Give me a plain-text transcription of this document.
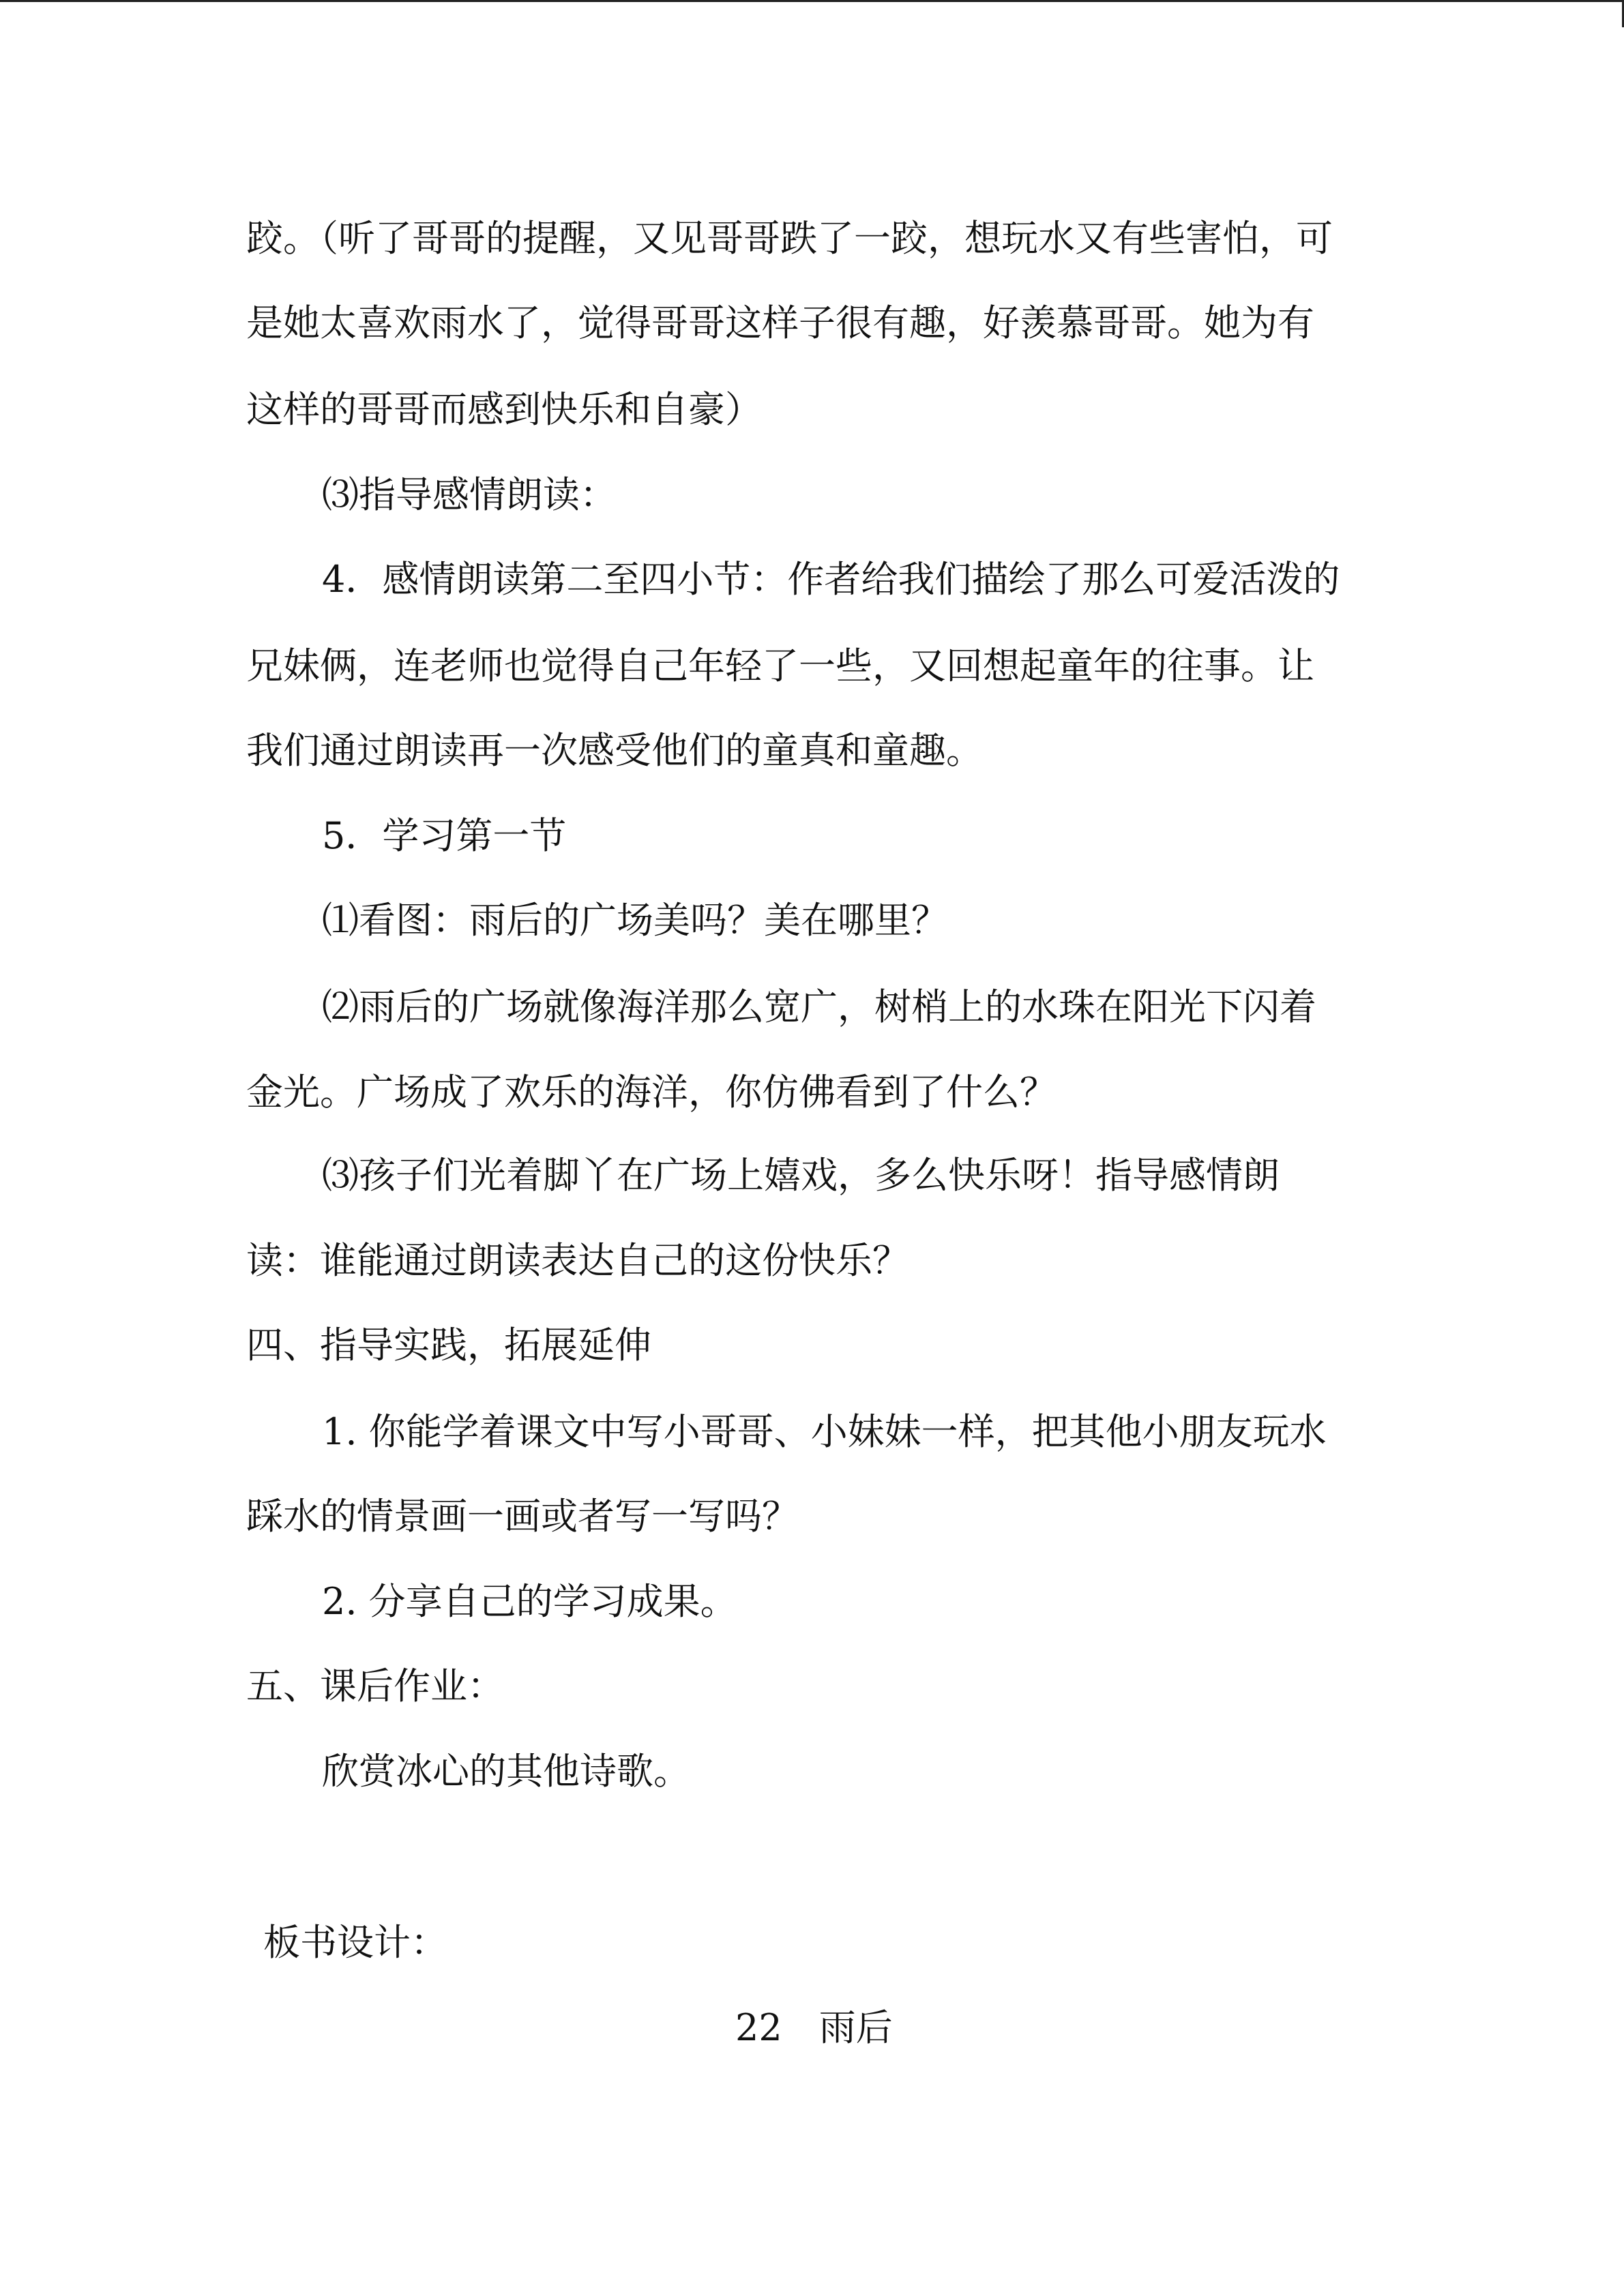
跤。（听了哥哥的提醒，又见哥哥跌了一跤，想玩水又有些害怕，可
是她太喜欢雨水了，觉得哥哥这样子很有趣，好羡慕哥哥。她为有
这样的哥哥而感到快乐和自豪）
⑶指导感情朗读：
4．感情朗读第二至四小节：作者给我们描绘了那么可爱活泼的
兄妹俩，连老师也觉得自己年轻了一些，又回想起童年的往事。让
我们通过朗读再一次感受他们的童真和童趣。
5．学习第一节
⑴看图：雨后的广场美吗？美在哪里？
⑵雨后的广场就像海洋那么宽广，树梢上的水珠在阳光下闪着
金光。广场成了欢乐的海洋，你仿佛看到了什么？
⑶孩子们光着脚丫在广场上嬉戏，多么快乐呀！指导感情朗
读：谁能通过朗读表达自己的这份快乐？
四、指导实践，拓展延伸
1. 你能学着课文中写小哥哥、小妹妹一样，把其他小朋友玩水
踩水的情景画一画或者写一写吗？
2. 分享自己的学习成果。
五、课后作业：
欣赏冰心的其他诗歌。
板书设计：
22　雨后
